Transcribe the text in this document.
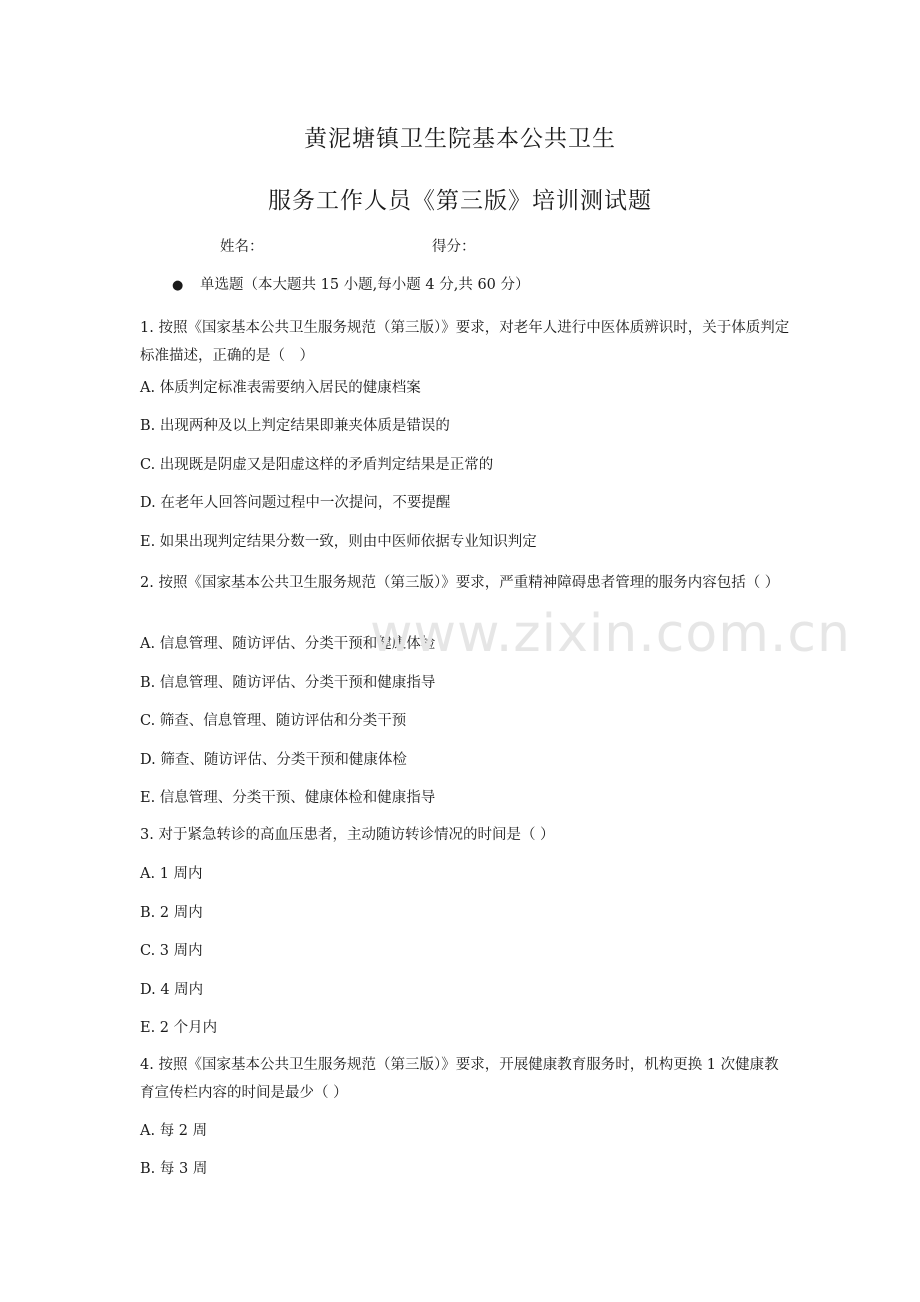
黄泥塘镇卫生院基本公共卫生
服务工作人员《第三版》培训测试题
姓名：	得分：
● 单选题（本大题共 15 小题,每小题 4 分,共 60 分）
1. 按照《国家基本公共卫生服务规范（第三版）》要求，对老年人进行中医体质辨识时，关于体质判定标准描述，正确的是（　）
A. 体质判定标准表需要纳入居民的健康档案
B. 出现两种及以上判定结果即兼夹体质是错误的
C. 出现既是阴虚又是阳虚这样的矛盾判定结果是正常的
D. 在老年人回答问题过程中一次提问，不要提醒
E. 如果出现判定结果分数一致，则由中医师依据专业知识判定
2. 按照《国家基本公共卫生服务规范（第三版）》要求，严重精神障碍患者管理的服务内容包括（ ）
A. 信息管理、随访评估、分类干预和健康体检
B. 信息管理、随访评估、分类干预和健康指导
C. 筛查、信息管理、随访评估和分类干预
D. 筛查、随访评估、分类干预和健康体检
E. 信息管理、分类干预、健康体检和健康指导
3. 对于紧急转诊的高血压患者，主动随访转诊情况的时间是（ ）
A. 1 周内
B. 2 周内
C. 3 周内
D. 4 周内
E. 2 个月内
4. 按照《国家基本公共卫生服务规范（第三版）》要求，开展健康教育服务时，机构更换 1 次健康教育宣传栏内容的时间是最少（ ）
A. 每 2 周
B. 每 3 周
www.zixin.com.cn
